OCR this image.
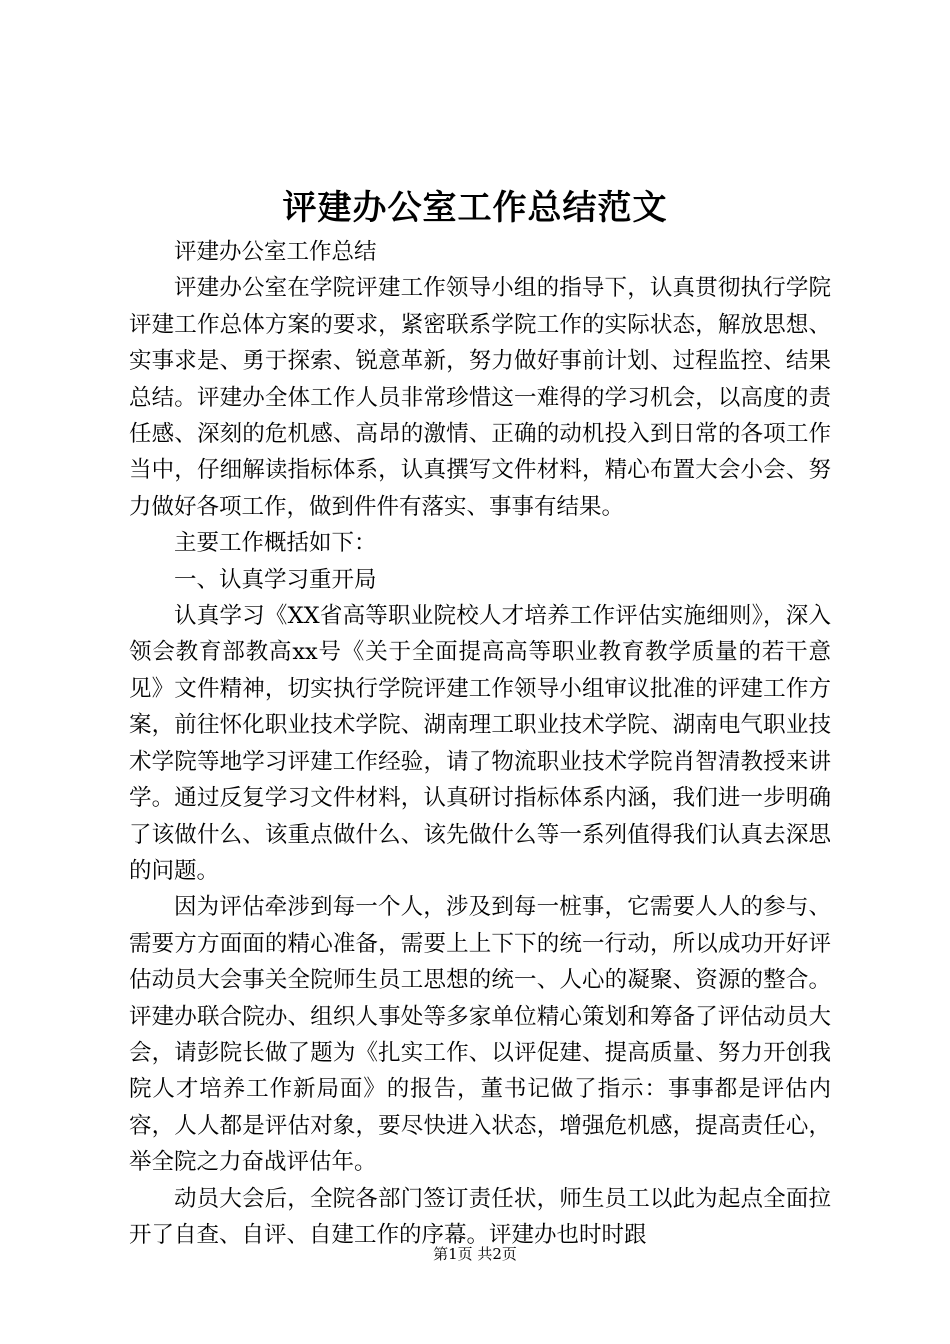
评建办公室工作总结范文

评建办公室工作总结

评建办公室在学院评建工作领导小组的指导下，认真贯彻执行学院评建工作总体方案的要求，紧密联系学院工作的实际状态，解放思想、实事求是、勇于探索、锐意革新，努力做好事前计划、过程监控、结果总结。评建办全体工作人员非常珍惜这一难得的学习机会，以高度的责任感、深刻的危机感、高昂的激情、正确的动机投入到日常的各项工作当中，仔细解读指标体系，认真撰写文件材料，精心布置大会小会、努力做好各项工作，做到件件有落实、事事有结果。

主要工作概括如下：

一、认真学习重开局

认真学习《XX省高等职业院校人才培养工作评估实施细则》，深入领会教育部教高xx号《关于全面提高高等职业教育教学质量的若干意见》文件精神，切实执行学院评建工作领导小组审议批准的评建工作方案，前往怀化职业技术学院、湖南理工职业技术学院、湖南电气职业技术学院等地学习评建工作经验，请了物流职业技术学院肖智清教授来讲学。通过反复学习文件材料，认真研讨指标体系内涵，我们进一步明确了该做什么、该重点做什么、该先做什么等一系列值得我们认真去深思的问题。

因为评估牵涉到每一个人，涉及到每一桩事，它需要人人的参与、需要方方面面的精心准备，需要上上下下的统一行动，所以成功开好评估动员大会事关全院师生员工思想的统一、人心的凝聚、资源的整合。评建办联合院办、组织人事处等多家单位精心策划和筹备了评估动员大会，请彭院长做了题为《扎实工作、以评促建、提高质量、努力开创我院人才培养工作新局面》的报告，董书记做了指示：事事都是评估内容，人人都是评估对象，要尽快进入状态，增强危机感，提高责任心，举全院之力奋战评估年。

动员大会后，全院各部门签订责任状，师生员工以此为起点全面拉开了自查、自评、自建工作的序幕。评建办也时时跟

第1页 共2页
